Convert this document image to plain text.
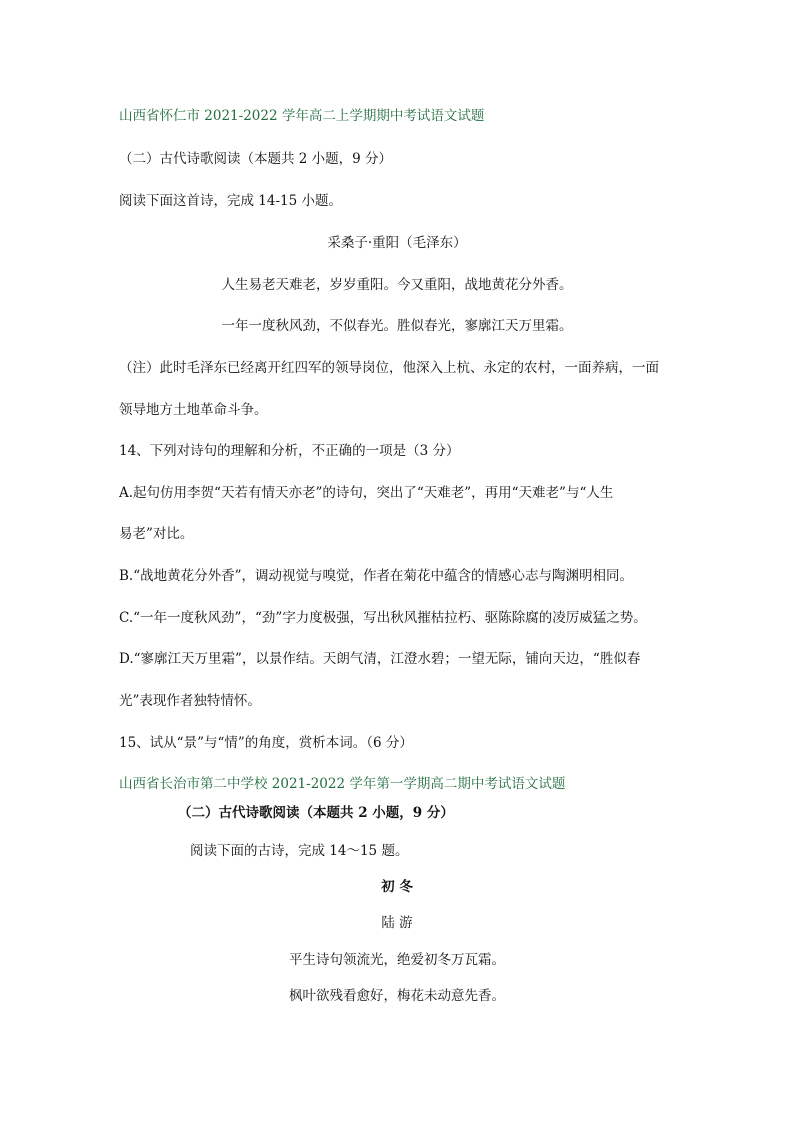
山西省怀仁市 2021-2022 学年高二上学期期中考试语文试题
（二）古代诗歌阅读（本题共 2 小题，9 分）
阅读下面这首诗，完成 14-15 小题。
采桑子·重阳（毛泽东）
人生易老天难老，岁岁重阳。今又重阳，战地黄花分外香。
一年一度秋风劲，不似春光。胜似春光，寥廓江天万里霜。
（注）此时毛泽东已经离开红四军的领导岗位，他深入上杭、永定的农村，一面养病，一面
领导地方土地革命斗争。
14、下列对诗句的理解和分析，不正确的一项是（3 分）
A.起句仿用李贺“天若有情天亦老”的诗句，突出了“天难老”，再用“天难老”与“人生
易老”对比。
B.“战地黄花分外香”，调动视觉与嗅觉，作者在菊花中蕴含的情感心志与陶渊明相同。
C.“一年一度秋风劲”，“劲”字力度极强，写出秋风摧枯拉朽、驱陈除腐的凌厉威猛之势。
D.“寥廓江天万里霜”，以景作结。天朗气清，江澄水碧；一望无际，铺向天边，“胜似春
光”表现作者独特情怀。
15、试从“景”与“情”的角度，赏析本词。（6 分）
山西省长治市第二中学校 2021-2022 学年第一学期高二期中考试语文试题
（二）古代诗歌阅读（本题共 2 小题，9 分）
阅读下面的古诗，完成 14～15 题。
初 冬
陆 游
平生诗句领流光，绝爱初冬万瓦霜。
枫叶欲残看愈好，梅花未动意先香。
